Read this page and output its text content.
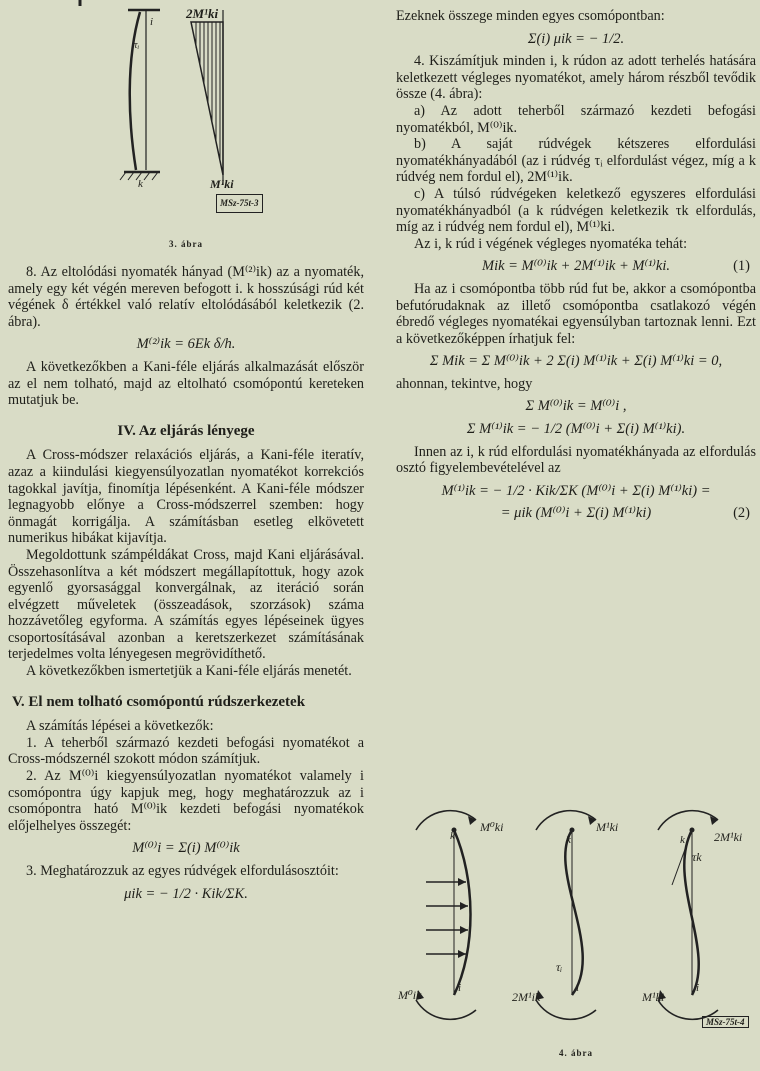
2M¹ki
i
τᵢ
k	M¹ki
MSz-75t-3
3. ábra

8. Az eltolódási nyomaték hányad (M⁽²⁾ik) az a nyomaték, amely egy két végén mereven befogott i. k hosszúsági rúd két végének δ értékkel való relatív eltolódásából keletkezik (2. ábra).

M⁽²⁾ik = 6Ek δ/h.

A következőkben a Kani-féle eljárás alkalmazását először az el nem tolható, majd az eltolható csomópontú kereteken mutatjuk be.

IV. Az eljárás lényege

A Cross-módszer relaxációs eljárás, a Kani-féle iteratív, azaz a kiindulási kiegyensúlyozatlan nyomatékot korrekciós tagokkal javítja, finomítja lépésenként. A Kani-féle módszer legnagyobb előnye a Cross-módszerrel szemben: hogy önmagát korrigálja. A számításban esetleg elkövetett numerikus hibákat kijavítja.

Megoldottunk számpéldákat Cross, majd Kani eljárásával. Összehasonlítva a két módszert megállapítottuk, hogy azok egyenlő gyorsasággal konvergálnak, az iteráció során elvégzett műveletek (összeadások, szorzások) száma hozzávetőleg egyforma. A számítás egyes lépéseinek ügyes csoportosításával azonban a keretszerkezet számításának terjedelmes volta lényegesen megrövidíthető.

A következőkben ismertetjük a Kani-féle eljárás menetét.

V. El nem tolható csomópontú rúdszerkezetek

A számítás lépései a következők:

1. A teherből származó kezdeti befogási nyomatékot a Cross-módszernél szokott módon számítjuk.

2. Az M⁽⁰⁾i kiegyensúlyozatlan nyomatékot valamely i csomópontra úgy kapjuk meg, hogy meghatározzuk az i csomópontra ható M⁽⁰⁾ik kezdeti befogási nyomatékok előjelhelyes összegét:

M⁽⁰⁾i = Σ(i) M⁽⁰⁾ik

3. Meghatározzuk az egyes rúdvégek elfordulásosztóit:

μik = − 1/2 · Kik/ΣK.

Ezeknek összege minden egyes csomópontban:

Σ(i) μik = − 1/2.

4. Kiszámítjuk minden i, k rúdon az adott terhelés hatására keletkezett végleges nyomatékot, amely három részből tevődik össze (4. ábra):

a) Az adott teherből származó kezdeti befogási nyomatékból, M⁽⁰⁾ik.

b) A saját rúdvégek kétszeres elfordulási nyomatékhányadából (az i rúdvég τᵢ elfordulást végez, míg a k rúdvég nem fordul el), 2M⁽¹⁾ik.

c) A túlsó rúdvégeken keletkező egyszeres elfordulási nyomatékhányadból (a k rúdvégen keletkezik τk elfordulás, míg az i rúdvég nem fordul el), M⁽¹⁾ki.

Az i, k rúd i végének végleges nyomatéka tehát:

Mik = M⁽⁰⁾ik + 2M⁽¹⁾ik + M⁽¹⁾ki.	(1)

Ha az i csomópontba több rúd fut be, akkor a csomópontba befutórudaknak az illető csomópontba csatlakozó végén ébredő végleges nyomatékai egyensúlyban tartoznak lenni. Ezt a következőképpen írhatjuk fel:

Σ Mik = Σ M⁽⁰⁾ik + 2 Σ(i) M⁽¹⁾ik + Σ(i) M⁽¹⁾ki = 0,

ahonnan, tekintve, hogy

Σ M⁽⁰⁾ik = M⁽⁰⁾i ,
Σ M⁽¹⁾ik = − 1/2 (M⁽⁰⁾i + Σ(i) M⁽¹⁾ki).

Innen az i, k rúd elfordulási nyomatékhányada az elfordulás osztó figyelembevételével az

M⁽¹⁾ik = − 1/2 · Kik/ΣK (M⁽⁰⁾i + Σ(i) M⁽¹⁾ki) =
= μik (M⁽⁰⁾i + Σ(i) M⁽¹⁾ki)	(2)
M⁰ki	M¹ki
2M¹ki
k	k	k
τk
τᵢ
i	i	i
M⁰ik	2M¹ik	M¹ki
MSz-75t-4
4. ábra
